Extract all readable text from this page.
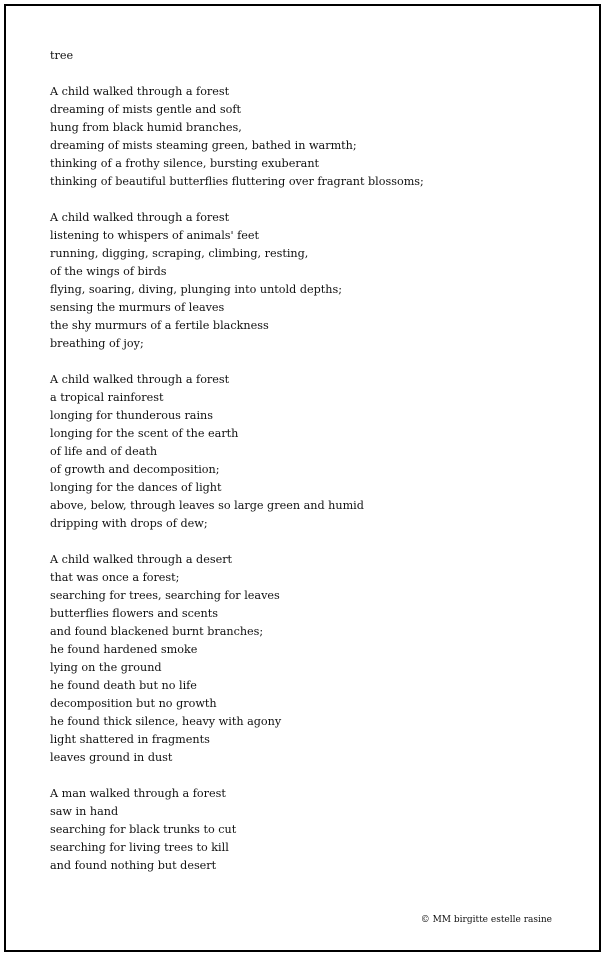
tree
A child walked through a forest
dreaming of mists gentle and soft
hung from black humid branches,
dreaming of mists steaming green, bathed in warmth;
thinking of a frothy silence, bursting exuberant
thinking of beautiful butterflies fluttering over fragrant blossoms;
A child walked through a forest
listening to whispers of animals' feet
running, digging, scraping, climbing, resting,
of the wings of birds
flying, soaring, diving, plunging into untold depths;
sensing the murmurs of leaves
the shy murmurs of a fertile blackness
breathing of joy;
A child walked through a forest
a tropical rainforest
longing for thunderous rains
longing for the scent of the earth
of life and of death
of growth and decomposition;
longing for the dances of light
above, below, through leaves so large green and humid
dripping with drops of dew;
A child walked through a desert
that was once a forest;
searching for trees, searching for leaves
butterflies flowers and scents
and found blackened burnt branches;
he found hardened smoke
lying on the ground
he found death but no life
decomposition but no growth
he found thick silence, heavy with agony
light shattered in fragments
leaves ground in dust
A man walked through a forest
saw in hand
searching for black trunks to cut
searching for living trees to kill
and found nothing but desert
© MM birgitte estelle rasine
